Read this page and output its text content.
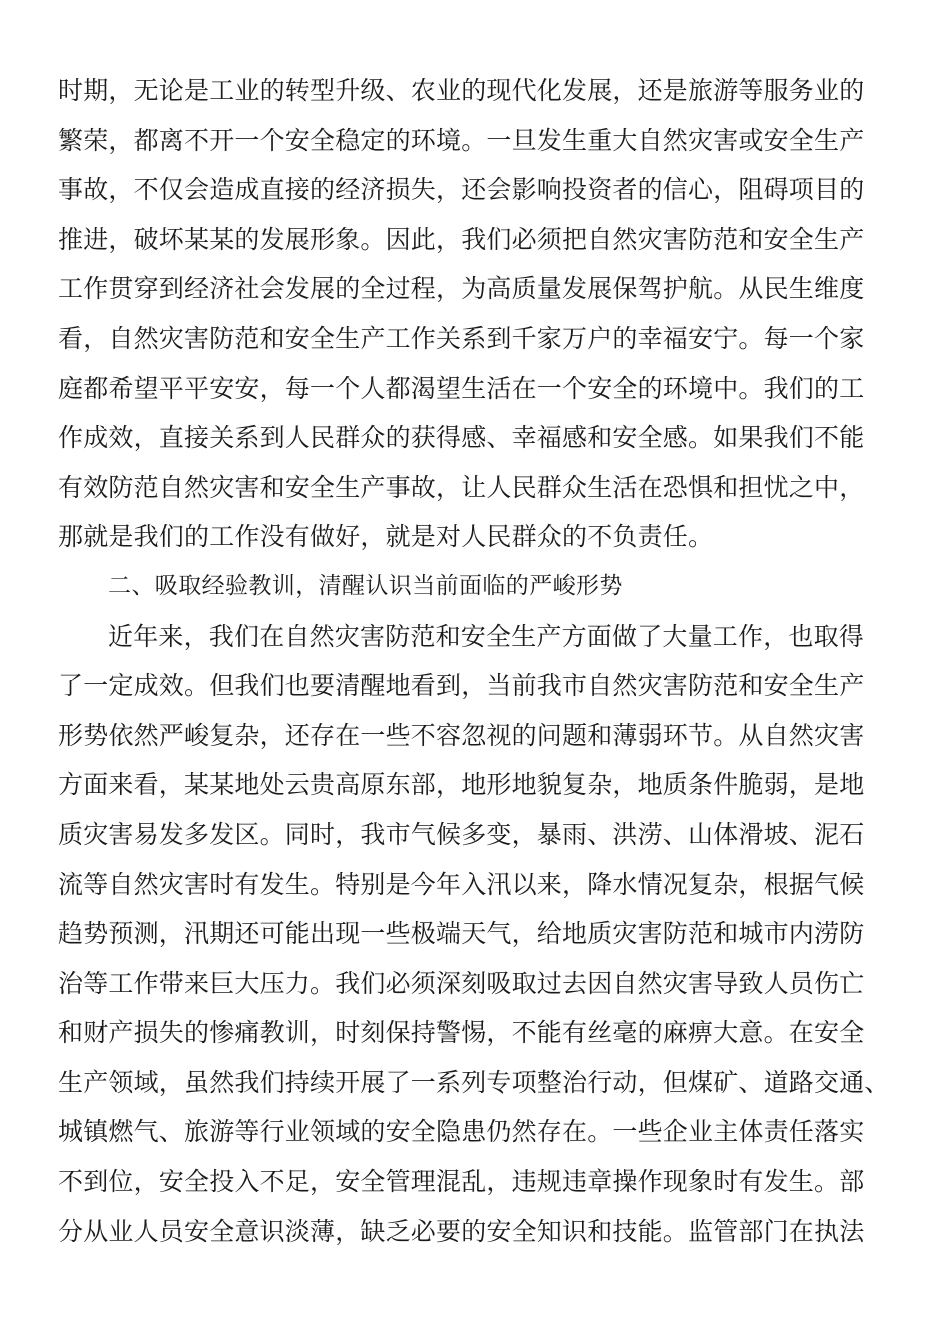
时期，无论是工业的转型升级、农业的现代化发展，还是旅游等服务业的
繁荣，都离不开一个安全稳定的环境。一旦发生重大自然灾害或安全生产
事故，不仅会造成直接的经济损失，还会影响投资者的信心，阻碍项目的
推进，破坏某某的发展形象。因此，我们必须把自然灾害防范和安全生产
工作贯穿到经济社会发展的全过程，为高质量发展保驾护航。从民生维度
看，自然灾害防范和安全生产工作关系到千家万户的幸福安宁。每一个家
庭都希望平平安安，每一个人都渴望生活在一个安全的环境中。我们的工
作成效，直接关系到人民群众的获得感、幸福感和安全感。如果我们不能
有效防范自然灾害和安全生产事故，让人民群众生活在恐惧和担忧之中，
那就是我们的工作没有做好，就是对人民群众的不负责任。
二、吸取经验教训，清醒认识当前面临的严峻形势
近年来，我们在自然灾害防范和安全生产方面做了大量工作，也取得
了一定成效。但我们也要清醒地看到，当前我市自然灾害防范和安全生产
形势依然严峻复杂，还存在一些不容忽视的问题和薄弱环节。从自然灾害
方面来看，某某地处云贵高原东部，地形地貌复杂，地质条件脆弱，是地
质灾害易发多发区。同时，我市气候多变，暴雨、洪涝、山体滑坡、泥石
流等自然灾害时有发生。特别是今年入汛以来，降水情况复杂，根据气候
趋势预测，汛期还可能出现一些极端天气，给地质灾害防范和城市内涝防
治等工作带来巨大压力。我们必须深刻吸取过去因自然灾害导致人员伤亡
和财产损失的惨痛教训，时刻保持警惕，不能有丝毫的麻痹大意。在安全
生产领域，虽然我们持续开展了一系列专项整治行动，但煤矿、道路交通、
城镇燃气、旅游等行业领域的安全隐患仍然存在。一些企业主体责任落实
不到位，安全投入不足，安全管理混乱，违规违章操作现象时有发生。部
分从业人员安全意识淡薄，缺乏必要的安全知识和技能。监管部门在执法
